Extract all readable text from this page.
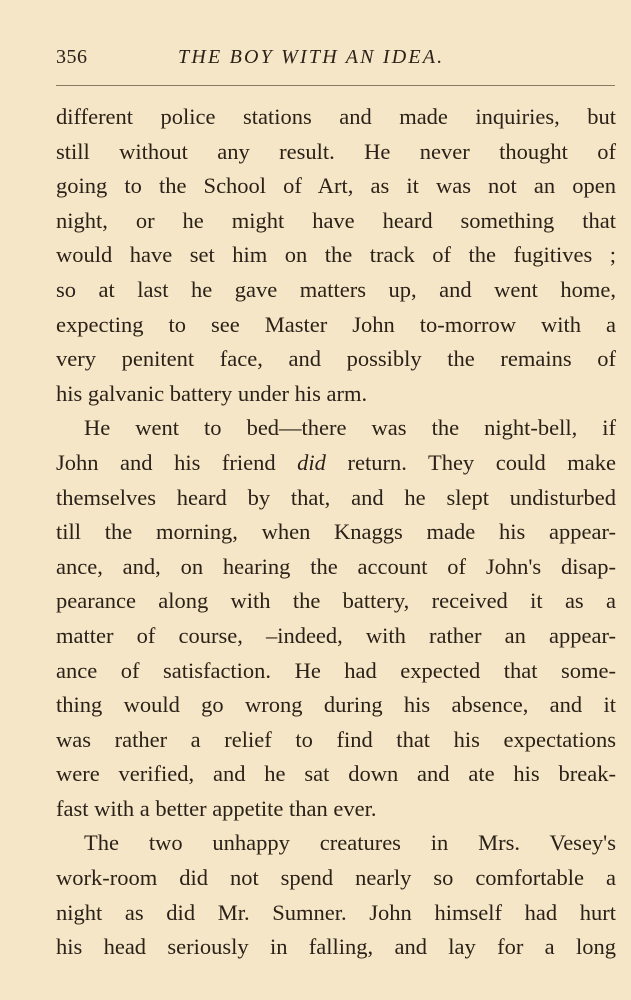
356	THE BOY WITH AN IDEA.
different police stations and made inquiries, but
still without any result. He never thought of
going to the School of Art, as it was not an open
night, or he might have heard something that
would have set him on the track of the fugitives ;
so at last he gave matters up, and went home,
expecting to see Master John to-morrow with a
very penitent face, and possibly the remains of
his galvanic battery under his arm.
He went to bed—there was the night-bell, if
John and his friend did return. They could make
themselves heard by that, and he slept undisturbed
till the morning, when Knaggs made his appear-
ance, and, on hearing the account of John's disap-
pearance along with the battery, received it as a
matter of course, –indeed, with rather an appear-
ance of satisfaction. He had expected that some-
thing would go wrong during his absence, and it
was rather a relief to find that his expectations
were verified, and he sat down and ate his break-
fast with a better appetite than ever.
The two unhappy creatures in Mrs. Vesey's
work-room did not spend nearly so comfortable a
night as did Mr. Sumner. John himself had hurt
his head seriously in falling, and lay for a long
